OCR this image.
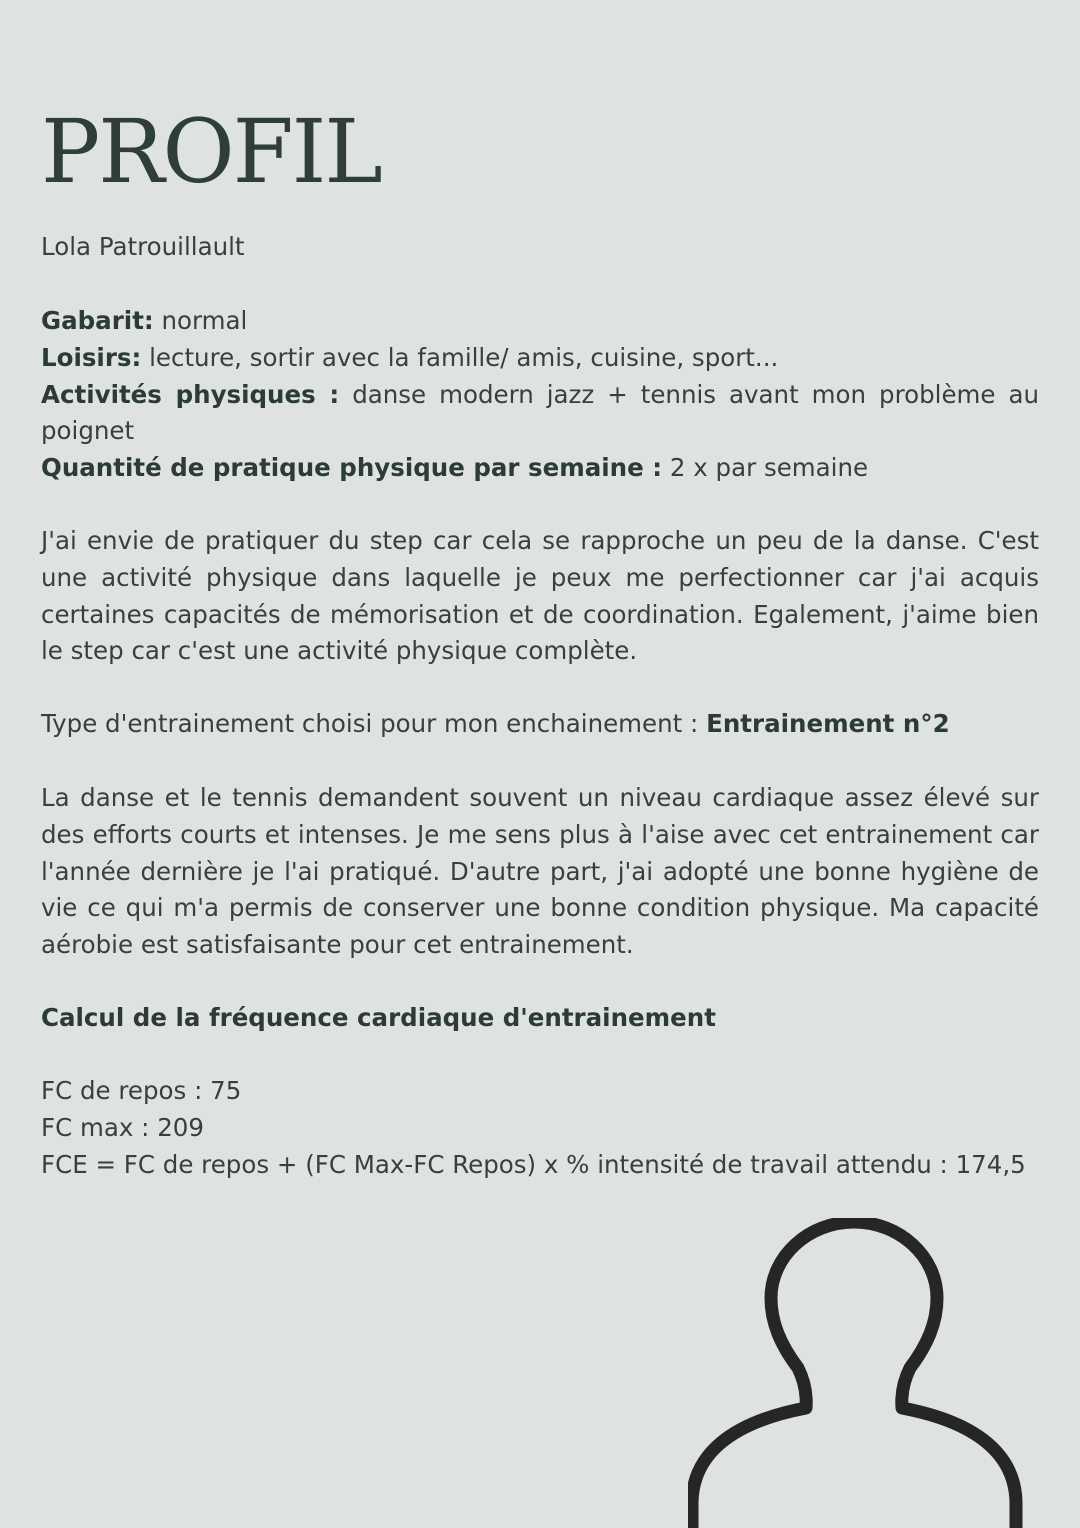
PROFIL

Lola Patrouillault

Gabarit: normal
Loisirs: lecture, sortir avec la famille/ amis, cuisine, sport...
Activités physiques : danse modern jazz + tennis avant mon problème au
poignet
Quantité de pratique physique par semaine : 2 x par semaine

J'ai envie de pratiquer du step car cela se rapproche un peu de la danse. C'est
une activité physique dans laquelle je peux me perfectionner car j'ai acquis
certaines capacités de mémorisation et de coordination. Egalement, j'aime bien
le step car c'est une activité physique complète.

Type d'entrainement choisi pour mon enchainement : Entrainement n°2

La danse et le tennis demandent souvent un niveau cardiaque assez élevé sur
des efforts courts et intenses. Je me sens plus à l'aise avec cet entrainement car
l'année dernière je l'ai pratiqué. D'autre part, j'ai adopté une bonne hygiène de
vie ce qui m'a permis de conserver une bonne condition physique. Ma capacité
aérobie est satisfaisante pour cet entrainement.

Calcul de la fréquence cardiaque d'entrainement

FC de repos : 75
FC max : 209
FCE = FC de repos + (FC Max-FC Repos) x % intensité de travail attendu : 174,5
